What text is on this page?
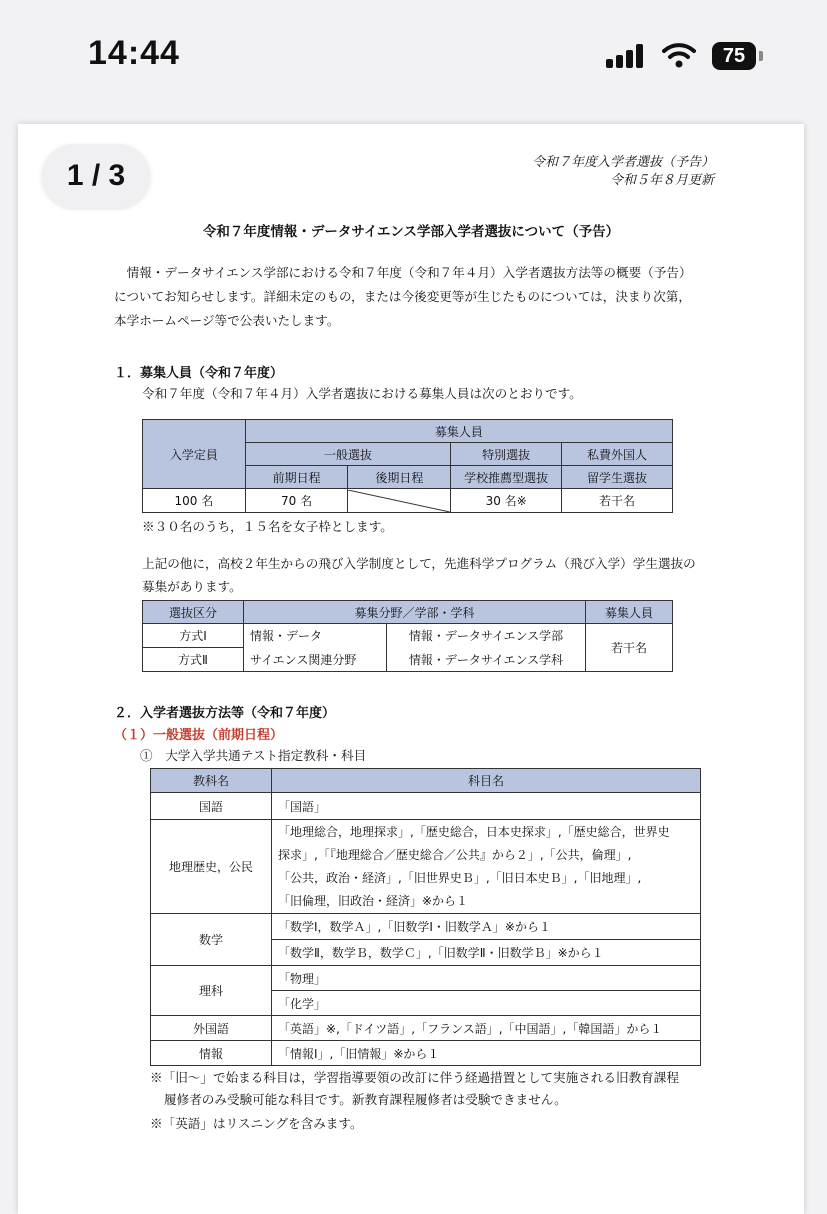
14:44	75
1 / 3	令和７年度入学者選抜（予告）
令和５年８月更新
令和７年度情報・データサイエンス学部入学者選抜について（予告）
　情報・データサイエンス学部における令和７年度（令和７年４月）入学者選抜方法等の概要（予告）
についてお知らせします。詳細未定のもの，または今後変更等が生じたものについては，決まり次第，
本学ホームページ等で公表いたします。
１．募集人員（令和７年度）
令和７年度（令和７年４月）入学者選抜における募集人員は次のとおりです。
入学定員	募集人員			
	一般選抜		特別選抜	私費外国人
	前期日程	後期日程	学校推薦型選抜	留学生選抜
100 名	70 名		30 名※	若干名
※３０名のうち，１５名を女子枠とします。
上記の他に，高校２年生からの飛び入学制度として，先進科学プログラム（飛び入学）学生選抜の
募集があります。
選抜区分	募集分野／学部・学科		募集人員
方式Ⅰ	情報・データ	情報・データサイエンス学部	若干名
方式Ⅱ	サイエンス関連分野	情報・データサイエンス学科	
２．入学者選抜方法等（令和７年度）
（１）一般選抜（前期日程）
①　大学入学共通テスト指定教科・科目
教科名	科目名
国語	「国語」
地理歴史，公民	「地理総合，地理探求」,「歴史総合，日本史探求」,「歴史総合，世界史
探求」,「『地理総合／歴史総合／公共』から２」,「公共，倫理」,
「公共，政治・経済」,「旧世界史Ｂ」,「旧日本史Ｂ」,「旧地理」,
「旧倫理，旧政治・経済」※から１

数学	「数学Ⅰ，数学Ａ」,「旧数学Ⅰ・旧数学Ａ」※から１
	「数学Ⅱ，数学Ｂ，数学Ｃ」,「旧数学Ⅱ・旧数学Ｂ」※から１
理科	「物理」
	「化学」
外国語	「英語」※,「ドイツ語」,「フランス語」,「中国語」,「韓国語」から１
情報	「情報Ⅰ」,「旧情報」※から１
※「旧～」で始まる科目は，学習指導要領の改訂に伴う経過措置として実施される旧教育課程
履修者のみ受験可能な科目です。新教育課程履修者は受験できません。
※「英語」はリスニングを含みます。
